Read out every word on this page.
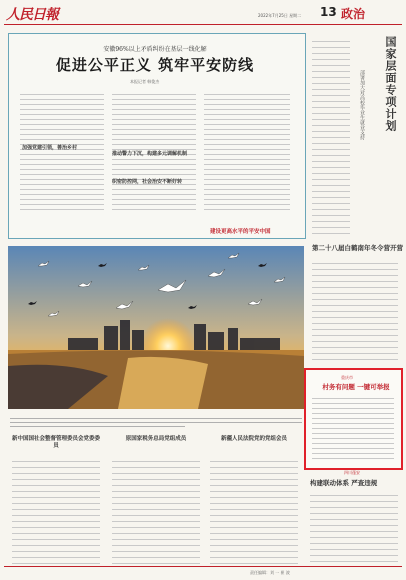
人民日報	13 政治
2022年7月25日 星期二
安徽96%以上矛盾纠纷在基层一线化解
促进公平正义 筑牢平安防线
本报记者 韩俊杰
加强党建引领，善治乡村
推动警力下沉，构建多元调解机制
织密防控网，社会治安不断好转
建设更高水平的平安中国
国家层面专项计划
部署加大对高校毕业生就业支持
第二十八届白鹤南年冬令营开营
重庆市
村务有问题 一键可举报
新中国国社会整督管理委员会党委委员
原国家税务总局党组成员	新疆人民法院党的党组会员
四川蓬安
构建联动体系 严查违规
责任编辑：刘 一 崔 波
